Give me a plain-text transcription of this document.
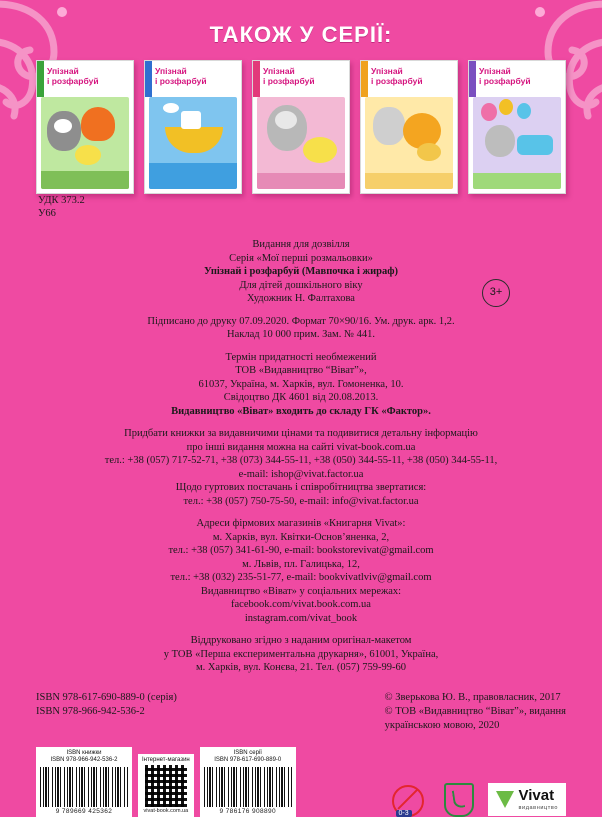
ТАКОЖ У СЕРІЇ:
Упізнай
і розфарбуй
Упізнай
і розфарбуй
Упізнай
і розфарбуй
Упізнай
і розфарбуй
Упізнай
і розфарбуй
УДК 373.2
У66
Видання для дозвілля
Серія «Мої перші розмальовки»
Упізнай і розфарбуй (Мавпочка і жираф)
Для дітей дошкільного віку
3+
Художник Н. Фалтахова
Підписано до друку 07.09.2020. Формат 70×90/16. Ум. друк. арк. 1,2.
Наклад 10 000 прим. Зам. № 441.
Термін придатності необмежений
ТОВ «Видавництво “Віват”»,
61037, Україна, м. Харків, вул. Гомоненка, 10.
Свідоцтво ДК 4601 від 20.08.2013.
Видавництво «Віват» входить до складу ГК «Фактор».
Придбати книжки за видавничими цінами та подивитися детальну інформацію
про інші видання можна на сайті vivat-book.com.ua
тел.: +38 (057) 717-52-71, +38 (073) 344-55-11, +38 (050) 344-55-11, +38 (050) 344-55-11,
e-mail: ishop@vivat.factor.ua
Щодо гуртових постачань і співробітництва звертатися:
тел.: +38 (057) 750-75-50, e-mail: info@vivat.factor.ua
Адреси фірмових магазинів «Книгарня Vivat»:
м. Харків, вул. Квітки-Основ’яненка, 2,
тел.: +38 (057) 341-61-90, e-mail: bookstorevivat@gmail.com
м. Львів, пл. Галицька, 12,
тел.: +38 (032) 235-51-77, e-mail: bookvivatlviv@gmail.com
Видавництво «Віват» у соціальних мережах:
facebook.com/vivat.book.com.ua
instagram.com/vivat_book
Віддруковано згідно з наданим оригінал-макетом
у ТОВ «Перша експериментальна друкарня», 61001, Україна,
м. Харків, вул. Конєва, 21. Тел. (057) 759-99-60
ISBN 978-617-690-889-0 (серія)
ISBN 978-966-942-536-2
© Зверькова Ю. В., правовласник, 2017
© ТОВ «Видавництво “Віват”», видання
українською мовою, 2020
ISBN книжки
ISBN 978-966-942-536-2
9 789669 425362
Інтернет-магазин
vivat-book.com.ua
ISBN серії
ISBN 978-617-690-889-0
9 786176 908890	0-3
Vivat
видавництво
